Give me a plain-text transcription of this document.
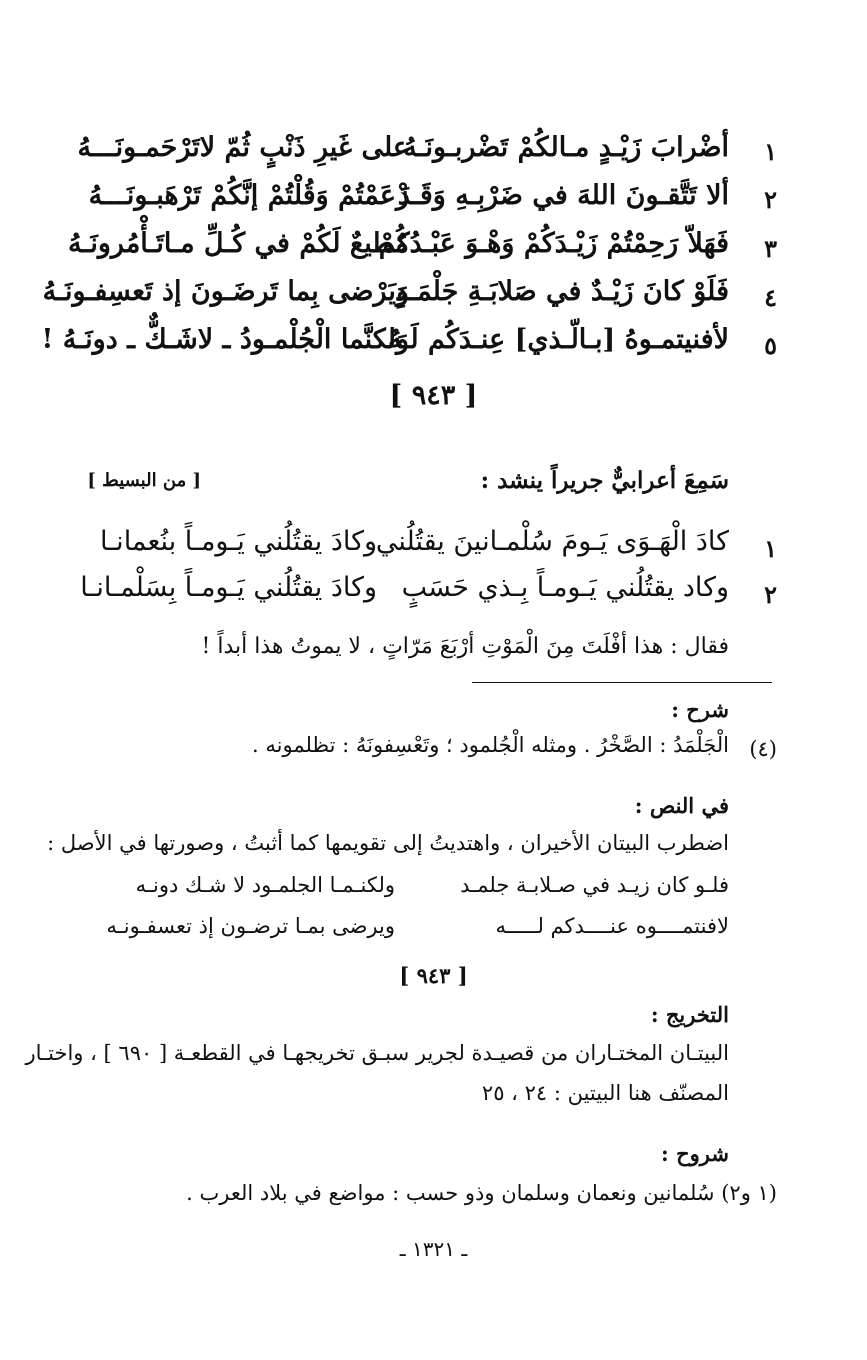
١
أضْرابَ زَيْـدٍ مـالكُمْ تَضْربـونَـهُ
على غَيرِ ذَنْبٍ ثُمّ لاتَرْحَمـونَـــهُ
٢
ألا تَتَّقـونَ اللهَ في ضَرْبِـهِ وَقَـدْ
زَعَمْتُمْ وَقُلْتُمْ إنَّكُمْ تَرْهَبـونَـــهُ
٣
فَهَلاّ رَحِمْتُمْ زَيْـدَكُمْ وَهْـوَ عَبْـدُكُمْ
مُطيعٌ لَكُمْ في كُـلِّ مـاتَـأْمُرونَـهُ
٤
فَلَوْ كانَ زَيْـدٌ في صَلابَـةِ جَلْمَـدٍ
وَيَرْضى بِما تَرضَـونَ إذ تَعسِفـونَـهُ
٥
لأفنيتمـوهُ [بـالّـذي] عِنـدَكُم لَـهُ
وَلكنَّما الْجُلْمـودُ ـ لاشَـكٌّ ـ دونَـهُ !
[ ٩٤٣ ]
سَمِعَ أعرابيٌّ جريراً ينشد :
[ من البسيط ]
١
كادَ الْهَـوَى يَـومَ سُلْمـانينَ يقتُلُني
وكادَ يقتُلُني يَـومـاً بنُعمانـا
٢
وكاد يقتُلُني يَـومـاً بِـذي حَسَبٍ
وكادَ يقتُلُني يَـومـاً بِسَلْمـانـا
فقال : هذا أفْلَتَ مِنَ الْمَوْتِ أرْبَعَ مَرّاتٍ ، لا يموتُ هذا أبداً !
شرح :
(٤)
الْجَلْمَدُ : الصَّخْرُ . ومثله الْجُلمود ؛ وتَعْسِفونَهُ : تظلمونه .
في النص :
اضطرب البيتان الأخيران ، واهتديتُ إلى تقويمها كما أثبتُ ، وصورتها في الأصل :
فلـو كان زيـد في صـلابـة جلمـد
ولكنـمـا الجلمـود لا شـك دونـه
لافنتمــــوه عنــــدكم لـــــه
ويرضى بمـا ترضـون إذ تعسفـونـه
[ ٩٤٣ ]
التخريج :
البيتـان المختـاران من قصيـدة لجرير سبـق تخريجهـا في القطعـة [ ٦٩٠ ] ، واختـار
المصنّف هنا البيتين : ٢٤ ، ٢٥
شروح :
(١ و٢) سُلمانين ونعمان وسلمان وذو حسب : مواضع في بلاد العرب .
ـ ١٣٢١ ـ
